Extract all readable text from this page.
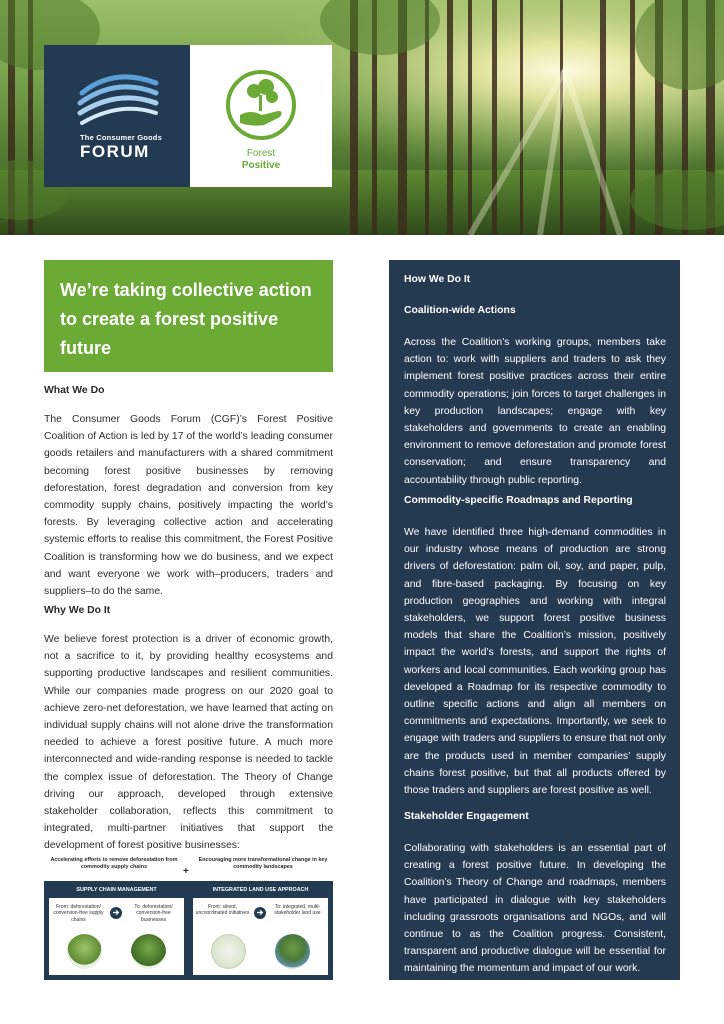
The Consumer Goods
FORUM	Forest
Positive
We’re taking collective action to create a forest positive future
What We Do
The Consumer Goods Forum (CGF)’s Forest Positive Coalition of Action is led by 17 of the world’s leading consumer goods retailers and manufacturers with a shared commitment becoming forest positive businesses by removing deforestation, forest degradation and conversion from key commodity supply chains, positively impacting the world’s forests. By leveraging collective action and accelerating systemic efforts to realise this commitment, the Forest Positive Coalition is transforming how we do business, and we expect and want everyone we work with–producers, traders and suppliers–to do the same.
Why We Do It
We believe forest protection is a driver of economic growth, not a sacrifice to it, by providing healthy ecosystems and supporting productive landscapes and resilient communities. While our companies made progress on our 2020 goal to achieve zero-net deforestation, we have learned that acting on individual supply chains will not alone drive the transformation needed to achieve a forest positive future. A much more interconnected and wide-randing response is needed to tackle the complex issue of deforestation. The Theory of Change driving our approach, developed through extensive stakeholder collaboration, reflects this commitment to integrated, multi-partner initiatives that support the development of forest positive businesses:
Accelerating efforts to remove deforestation from commodity supply chains	+
Encouraging more transformational change in key commodity landscapes
SUPPLY CHAIN MANAGEMENT
From: deforestation/ conversion-free supply chains
➔
To: deforestation/ conversion-free businesses
INTEGRATED LAND USE APPROACH
From: siloed, uncoordinated initiatives ➔
To: integrated, multi-stakeholder land use
How We Do It
Coalition-wide Actions
Across the Coalition’s working groups, members take action to: work with suppliers and traders to ask they implement forest positive practices across their entire commodity operations; join forces to target challenges in key production landscapes; engage with key stakeholders and governments to create an enabling environment to remove deforestation and promote forest conservation; and ensure transparency and accountability through public reporting.
Commodity-specific Roadmaps and Reporting
We have identified three high-demand commodities in our industry whose means of production are strong drivers of deforestation: palm oil, soy, and paper, pulp, and fibre-based packaging. By focusing on key production geographies and working with integral stakeholders, we support forest positive business models that share the Coalition’s mission, positively impact the world’s forests, and support the rights of workers and local communities. Each working group has developed a Roadmap for its respective commodity to outline specific actions and align all members on commitments and expectations. Importantly, we seek to engage with traders and suppliers to ensure that not only are the products used in member companies’ supply chains forest positive, but that all products offered by those traders and suppliers are forest positive as well.
Stakeholder Engagement
Collaborating with stakeholders is an essential part of creating a forest positive future. In developing the Coalition’s Theory of Change and roadmaps, members have participated in dialogue with key stakeholders including grassroots organisations and NGOs, and will continue to as the Coalition progress. Consistent, transparent and productive dialogue will be essential for maintaining the momentum and impact of our work.
